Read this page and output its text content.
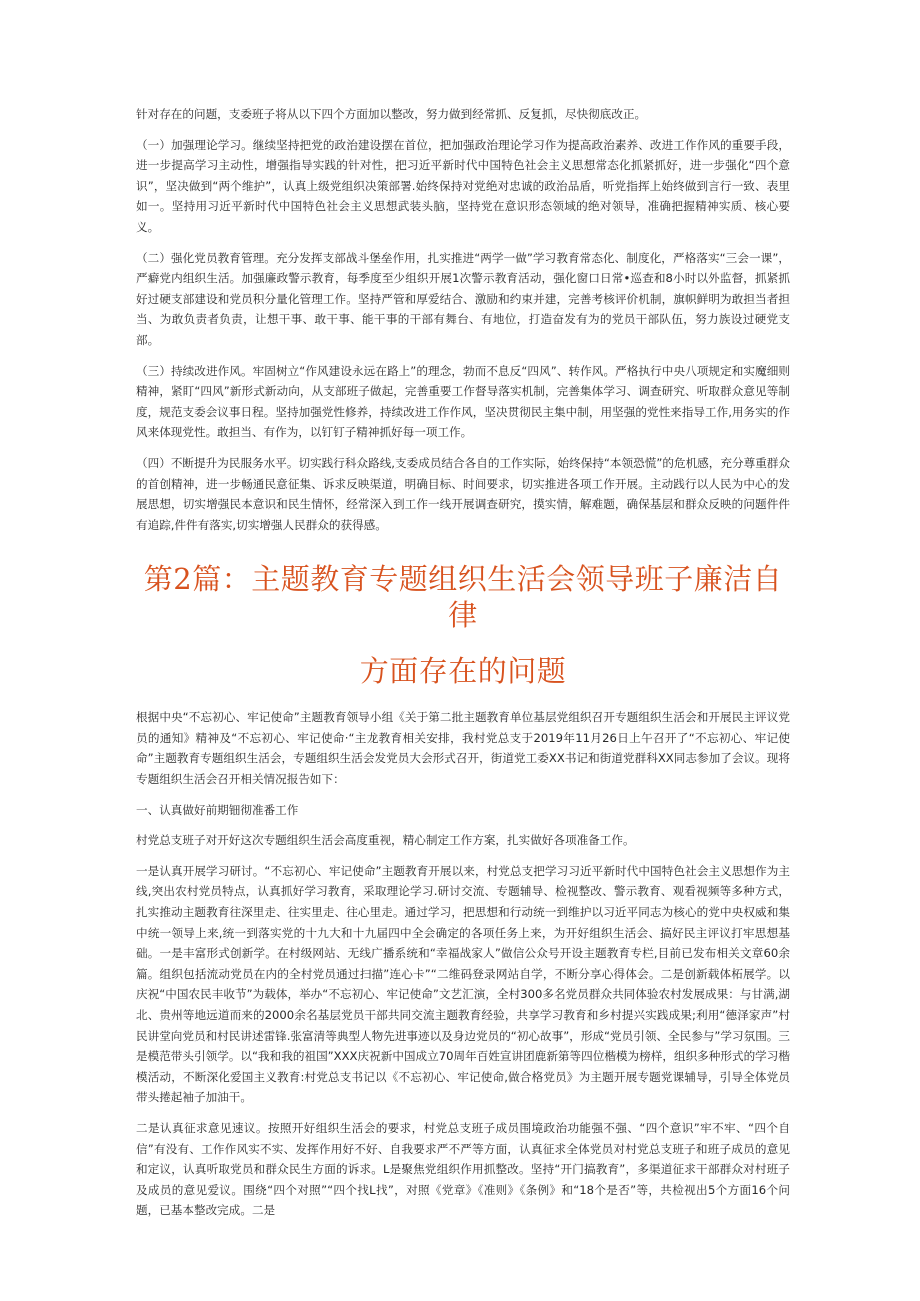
针对存在的问题，支委班子将从以下四个方面加以整改，努力做到经常抓、反复抓，尽快彻底改正。

（一）加强理论学习。继续坚持把党的政治建设摆在首位，把加强政治理论学习作为提高政治素养、改进工作作风的重要手段，进一步提高学习主动性，增强指导实践的针对性，把习近平新时代中国特色社会主义思想常态化抓紧抓好，进一步强化“四个意识”，坚决做到“两个维护”，认真上级党组织决策部署.始终保持对党绝对忠诚的政治品盾，听党指挥上始终做到言行一致、表里如一。坚持用习近平新时代中国特色社会主义思想武装头脑，坚持党在意识形态领域的绝对领导，准确把握精神实质、核心要义。

（二）强化党员教育管理。充分发挥支部战斗堡垒作用，扎实推进“两学一做”学习教育常态化、制度化，严格落实“三会一课”，严癖党内组织生活。加强廉政警示教育，每季度至少组织开展1次警示教育活动，强化窗口日常•巡查和8小时以外监督，抓紧抓好过硬支部建设和党员积分量化管理工作。坚持严管和厚爱结合、激励和约束并建，完善考核评价机制，旗帜鲜明为敢担当者担当、为敢负责者负责，让想干事、敢干事、能干事的干部有舞台、有地位，打造奋发有为的党员干部队伍，努力族设过硬党支部。

（三）持续改进作风。牢固树立“作风建设永远在路上”的理念，勃而不息反“四风”、转作风。严格执行中央八项规定和实魔细则精神，紧盯“四风”新形式新动向，从支部班子做起，完善重要工作督导落实机制，完善集体学习、调查研究、听取群众意见等制度，规范支委会议事日程。坚持加强党性修养，持续改进工作作风，坚决贯彻民主集中制，用坚强的党性来指导工作,用务实的作风来体现党性。敢担当、有作为，以钉钉子精神抓好每一项工作。

（四）不断提升为民服务水平。切实践行科众路线,支委成员结合各自的工作实际，始终保持“本领恐慌”的危机感，充分尊重群众的首创精神，进一步畅通民意征集、诉求反映渠道，明确目标、时间要求，切实推进各项工作开展。主动践行以人民为中心的发展思想，切实增强民本意识和民生情怀，经常深入到工作一线开展调查研究，摸实情，解难题，确保基层和群众反映的问题件件有追踪,件件有落实,切实增强人民群众的获得感。

第2篇：主题教育专题组织生活会领导班子廉洁自律
方面存在的问题

根据中央“不忘初心、牢记使命”主题教育领导小组《关于第二批主题教育单位基层党组织召开专题组织生活会和开展民主评议党员的通知》精神及“不忘初心、牢记使命·“主龙教育相关安排，我村党总支于2019年11月26日上午召开了“不忘初心、牢记使命”主题教育专题组织生活会，专题组织生活会发党员大会形式召开，街道党工委XX书记和街道党群科XX同志参加了会议。现将专题组织生活会召开相关情况报告如下：

一、认真做好前期钿彻准番工作

村党总支班子对开好这次专题组织生活会高度重视，精心制定工作方案，扎实做好各项准备工作。

一是认真开展学习研讨。“不忘初心、牢记使命”主题教育开展以来，村党总支把学习习近平新时代中国特色社会主义思想作为主线,突出农村党员特点，认真抓好学习教育，采取理论学习.研讨交流、专题辅导、检视整改、警示教育、观看视频等多种方式，扎实推动主题教育往深里走、往实里走、往心里走。通过学习，把思想和行动统一到维护以习近平同志为核心的党中央权威和集中统一领导上来,统一到落实党的十九大和十九届四中全会确定的各项任务上来，为开好组织生活会、搞好民主评议打牢思想基础。一是丰富形式创新学。在村级网站、无线广播系统和“幸福战家人”做信公众号开设主题教育专栏,目前已发布相关文章60余篇。组织包括流动党员在内的全村党员通过扫描”连心卡”“二维码登录网站自学，不断分享心得体会。二是创新载体柘展学。以庆祝“中国农民丰收节”为载体，举办“不忘初心、牢记使命”文艺汇演，全村300多名党员群众共同体验农村发展成果：与甘满,湖北、贵州等地远道而来的2000余名基层党员干部共同交流主题教育经验，共享学习教育和乡村提兴实践成果;利用“德泽家声”村民讲堂向党员和村民讲述雷锋.张富清等典型人物先进事迹以及身边党员的“初心故事”，形成“党员引领、全民参与”学习氛围。三是模范带头引领学。以“我和我的祖国”XXX庆祝新中国成立70周年百姓宣讲团鹿新第等四位楷模为榜样，组织多种形式的学习楷模活动，不断深化爱国主义教育:村党总支书记以《不忘初心、牢记使命,做合格党员》为主题开展专题党课辅导，引导全体党员带头捲起袖子加油干。

二是认真征求意见速议。按照开好组织生活会的要求，村党总支班子成员围境政治功能强不强、“四个意识”牢不牢、“四个自信”有没有、工作作风实不实、发挥作用好不好、自我要求严不严等方面，认真征求全体党员对村党总支班子和班子成员的意见和定议，认真听取党员和群众民生方面的诉求。L是聚焦党组织作用抓整改。坚持“开门搞教育”，多渠道征求干部群众对村班子及成员的意见爱议。围绕“四个对照”“四个找L找”，对照《党章》《准则》《条例》和“18个是否”等，共检视出5个方面16个问题，已基本整改完成。二是
